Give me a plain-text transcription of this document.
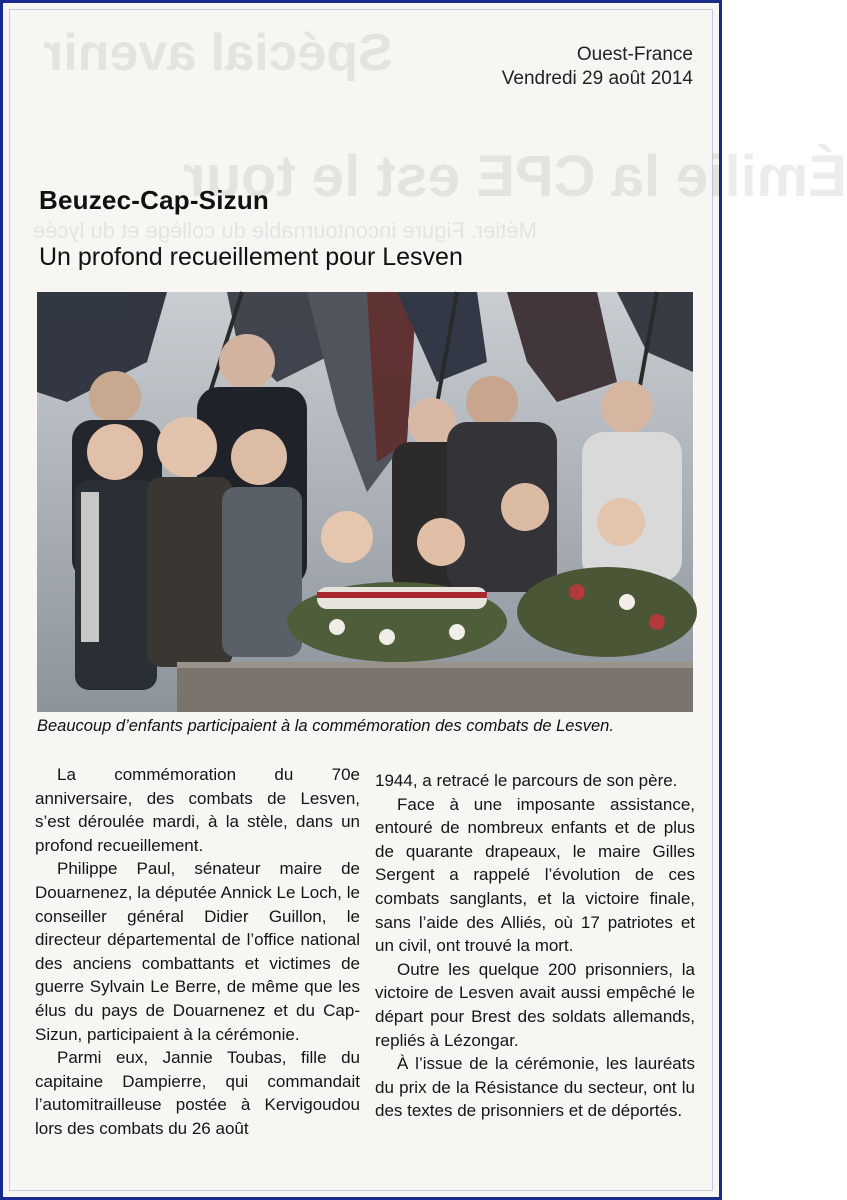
Spécial avenir
Émilie la CPE est le tour
Métier. Figure incontournable du collège et du lycée
Ouest-France
Vendredi 29 août 2014
Beuzec-Cap-Sizun
Un profond recueillement pour Lesven
Beaucoup d’enfants participaient à la commémoration des combats de Lesven.

La commémoration du 70e anniversaire, des combats de Lesven, s’est déroulée mardi, à la stèle, dans un profond recueillement.

Philippe Paul, sénateur maire de Douarnenez, la députée Annick Le Loch, le conseiller général Didier Guillon, le directeur départemental de l’office national des anciens combattants et victimes de guerre Sylvain Le Berre, de même que les élus du pays de Douarnenez et du Cap-Sizun, participaient à la cérémonie.

Parmi eux, Jannie Toubas, fille du capitaine Dampierre, qui commandait l’automitrailleuse postée à Kervigoudou lors des combats du 26 août

1944, a retracé le parcours de son père.

Face à une imposante assistance, entouré de nombreux enfants et de plus de quarante drapeaux, le maire Gilles Sergent a rappelé l’évolution de ces combats sanglants, et la victoire finale, sans l’aide des Alliés, où 17 patriotes et un civil, ont trouvé la mort.

Outre les quelque 200 prisonniers, la victoire de Lesven avait aussi empêché le départ pour Brest des soldats allemands, repliés à Lézongar.

À l’issue de la cérémonie, les lauréats du prix de la Résistance du secteur, ont lu des textes de prisonniers et de déportés.
